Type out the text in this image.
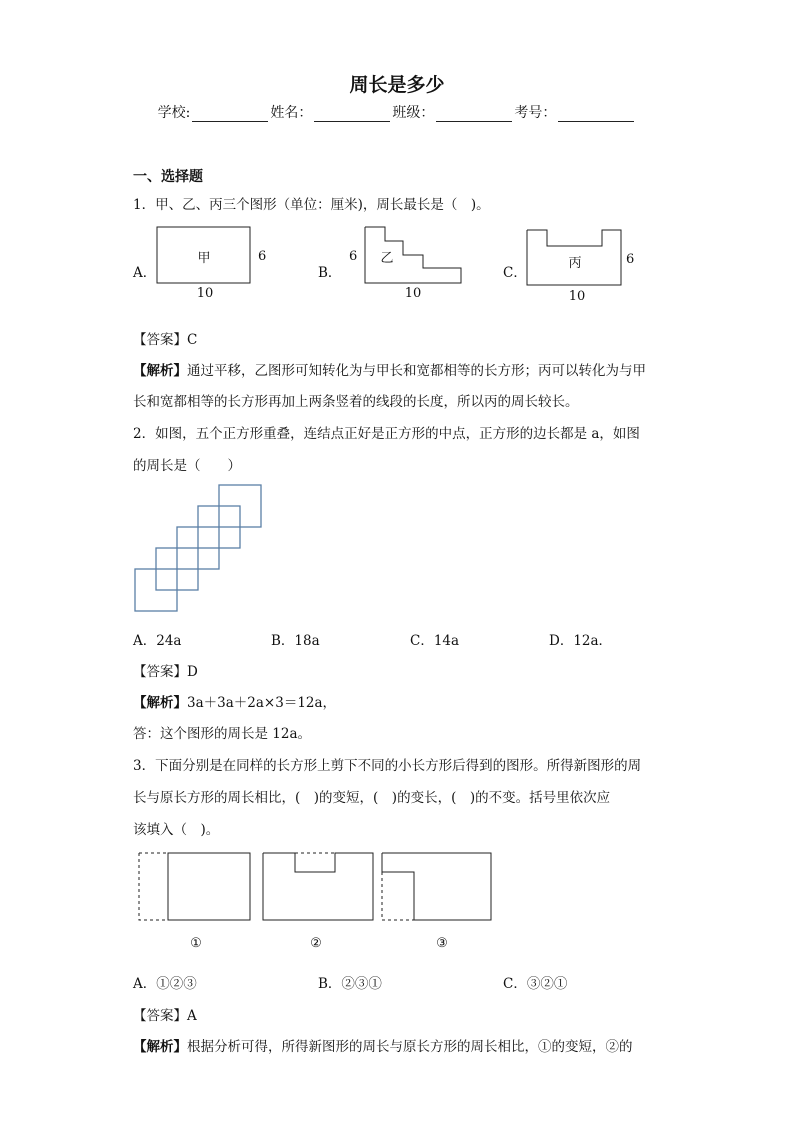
周长是多少
学校:	姓名：	班级：	考号：
一、选择题
1．甲、乙、丙三个图形（单位：厘米)，周长最长是（　)。
A．
甲	6
10
B．
乙
6
10
C．
丙	6
10
【答案】C
【解析】通过平移，乙图形可知转化为与甲长和宽都相等的长方形；丙可以转化为与甲
长和宽都相等的长方形再加上两条竖着的线段的长度，所以丙的周长较长。
2．如图，五个正方形重叠，连结点正好是正方形的中点，正方形的边长都是 a，如图
的周长是（　　）
A．24a	B．18a	C．14a	D．12a．
【答案】D
【解析】3a＋3a＋2a×3＝12a，
答：这个图形的周长是 12a。
3．下面分别是在同样的长方形上剪下不同的小长方形后得到的图形。所得新图形的周
长与原长方形的周长相比，(　)的变短，(　)的变长，(　)的不变。括号里依次应
该填入（　)。
①	②	③
A．①②③	B．②③①	C．③②①
【答案】A
【解析】根据分析可得，所得新图形的周长与原长方形的周长相比，①的变短，②的
